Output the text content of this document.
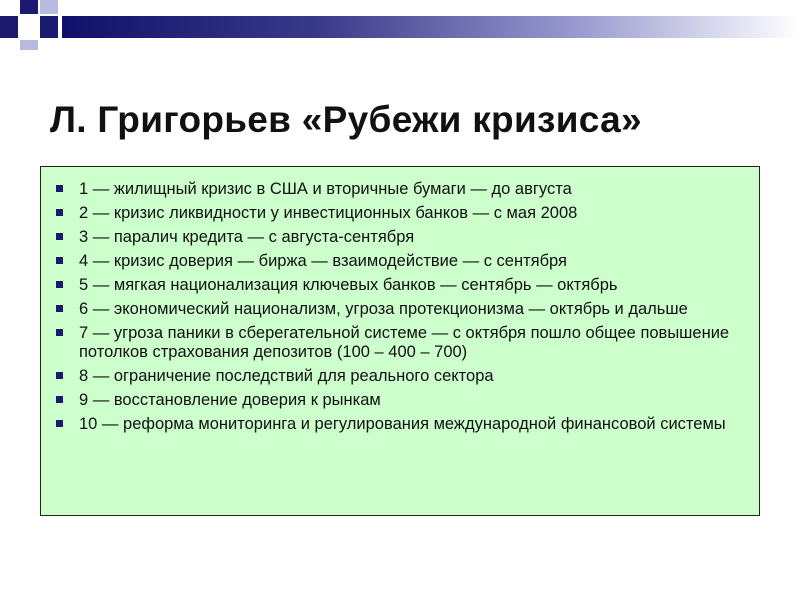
Л. Григорьев «Рубежи кризиса»
1 — жилищный кризис в США и вторичные бумаги — до августа
2 — кризис ликвидности у инвестиционных банков — с мая 2008
3 — паралич кредита — с августа-сентября
4 — кризис доверия — биржа — взаимодействие — с сентября
5 — мягкая национализация ключевых банков — сентябрь — октябрь
6 — экономический национализм, угроза протекционизма — октябрь и дальше
7 — угроза паники в сберегательной системе — с октября пошло общее повышение потолков страхования депозитов (100 – 400 – 700)
8 — ограничение последствий для реального сектора
9 — восстановление доверия к рынкам
10 — реформа мониторинга и регулирования международной финансовой системы
